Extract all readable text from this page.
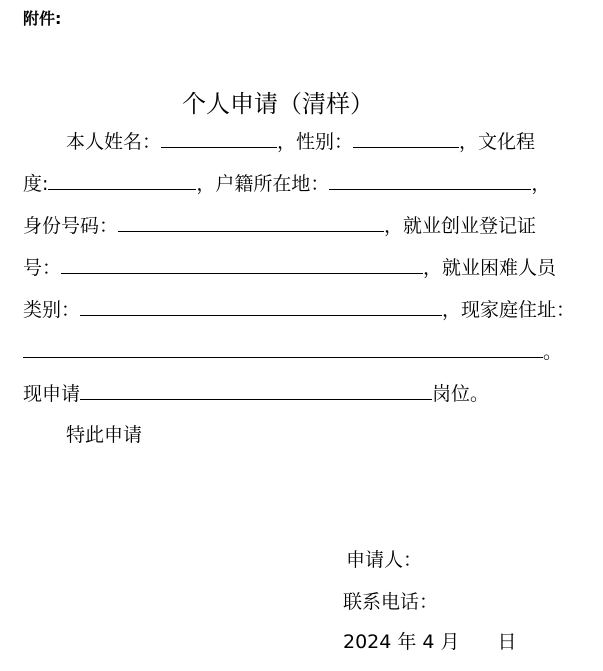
附件:
个人申请（清样）
本人姓名：	，性别：	，文化程
度:	，户籍所在地：	，
身份号码：	，就业创业登记证
号：	，就业困难人员
类别：	，现家庭住址：
。
现申请	岗位。
特此申请
申请人：
联系电话：
2024 年 4 月　　日
